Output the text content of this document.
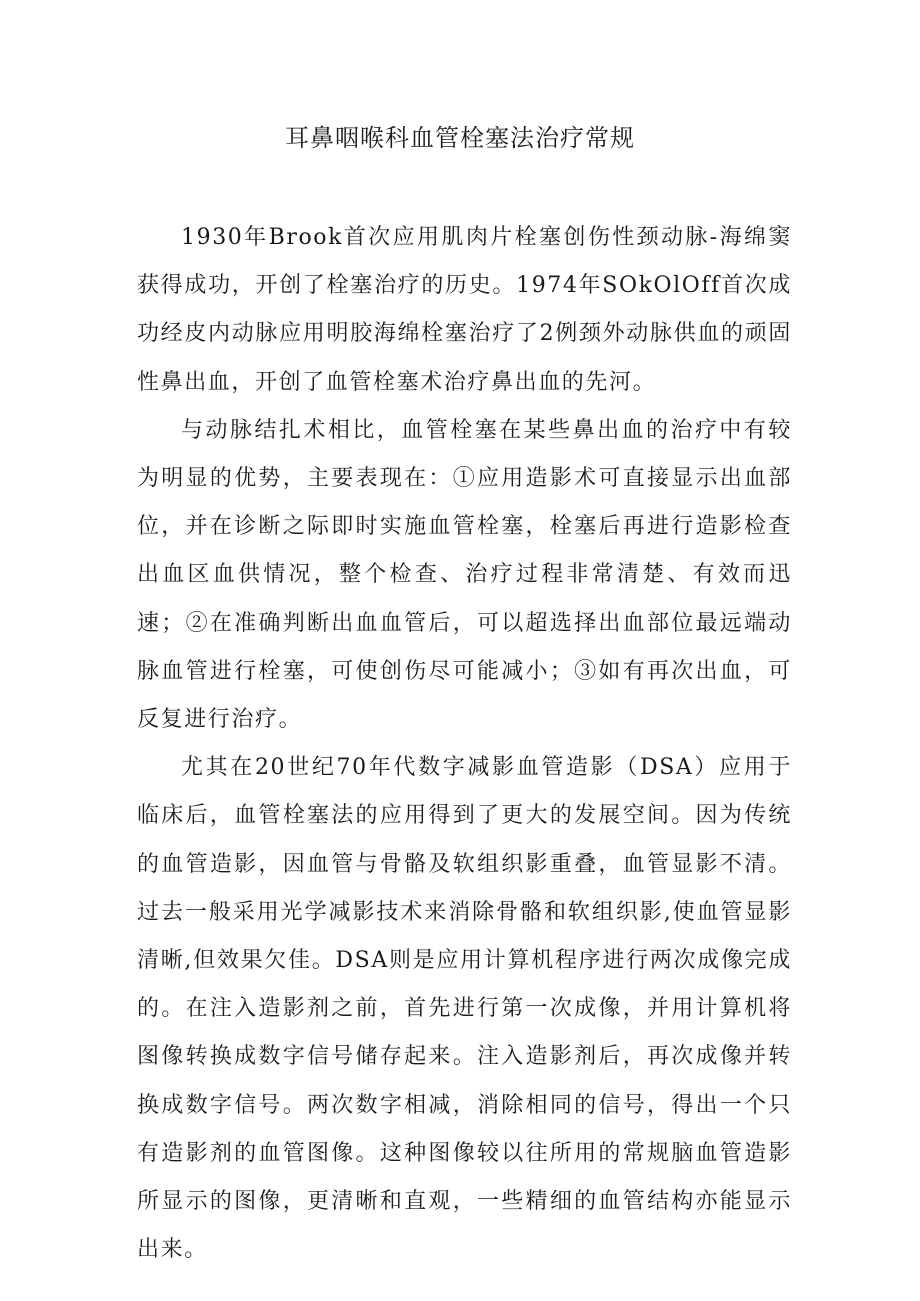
耳鼻咽喉科血管栓塞法治疗常规

1930年Brook首次应用肌肉片栓塞创伤性颈动脉-海绵窦获得成功，开创了栓塞治疗的历史。1974年SOkOlOff首次成功经皮内动脉应用明胶海绵栓塞治疗了2例颈外动脉供血的顽固性鼻出血，开创了血管栓塞术治疗鼻出血的先河。

与动脉结扎术相比，血管栓塞在某些鼻出血的治疗中有较为明显的优势，主要表现在：①应用造影术可直接显示出血部位，并在诊断之际即时实施血管栓塞，栓塞后再进行造影检查出血区血供情况，整个检查、治疗过程非常清楚、有效而迅速；②在准确判断出血血管后，可以超选择出血部位最远端动脉血管进行栓塞，可使创伤尽可能减小；③如有再次出血，可反复进行治疗。

尤其在20世纪70年代数字减影血管造影（DSA）应用于临床后，血管栓塞法的应用得到了更大的发展空间。因为传统的血管造影，因血管与骨骼及软组织影重叠，血管显影不清。过去一般采用光学减影技术来消除骨骼和软组织影,使血管显影清晰,但效果欠佳。DSA则是应用计算机程序进行两次成像完成的。在注入造影剂之前，首先进行第一次成像，并用计算机将图像转换成数字信号储存起来。注入造影剂后，再次成像并转换成数字信号。两次数字相减，消除相同的信号，得出一个只有造影剂的血管图像。这种图像较以往所用的常规脑血管造影所显示的图像，更清晰和直观，一些精细的血管结构亦能显示出来。
